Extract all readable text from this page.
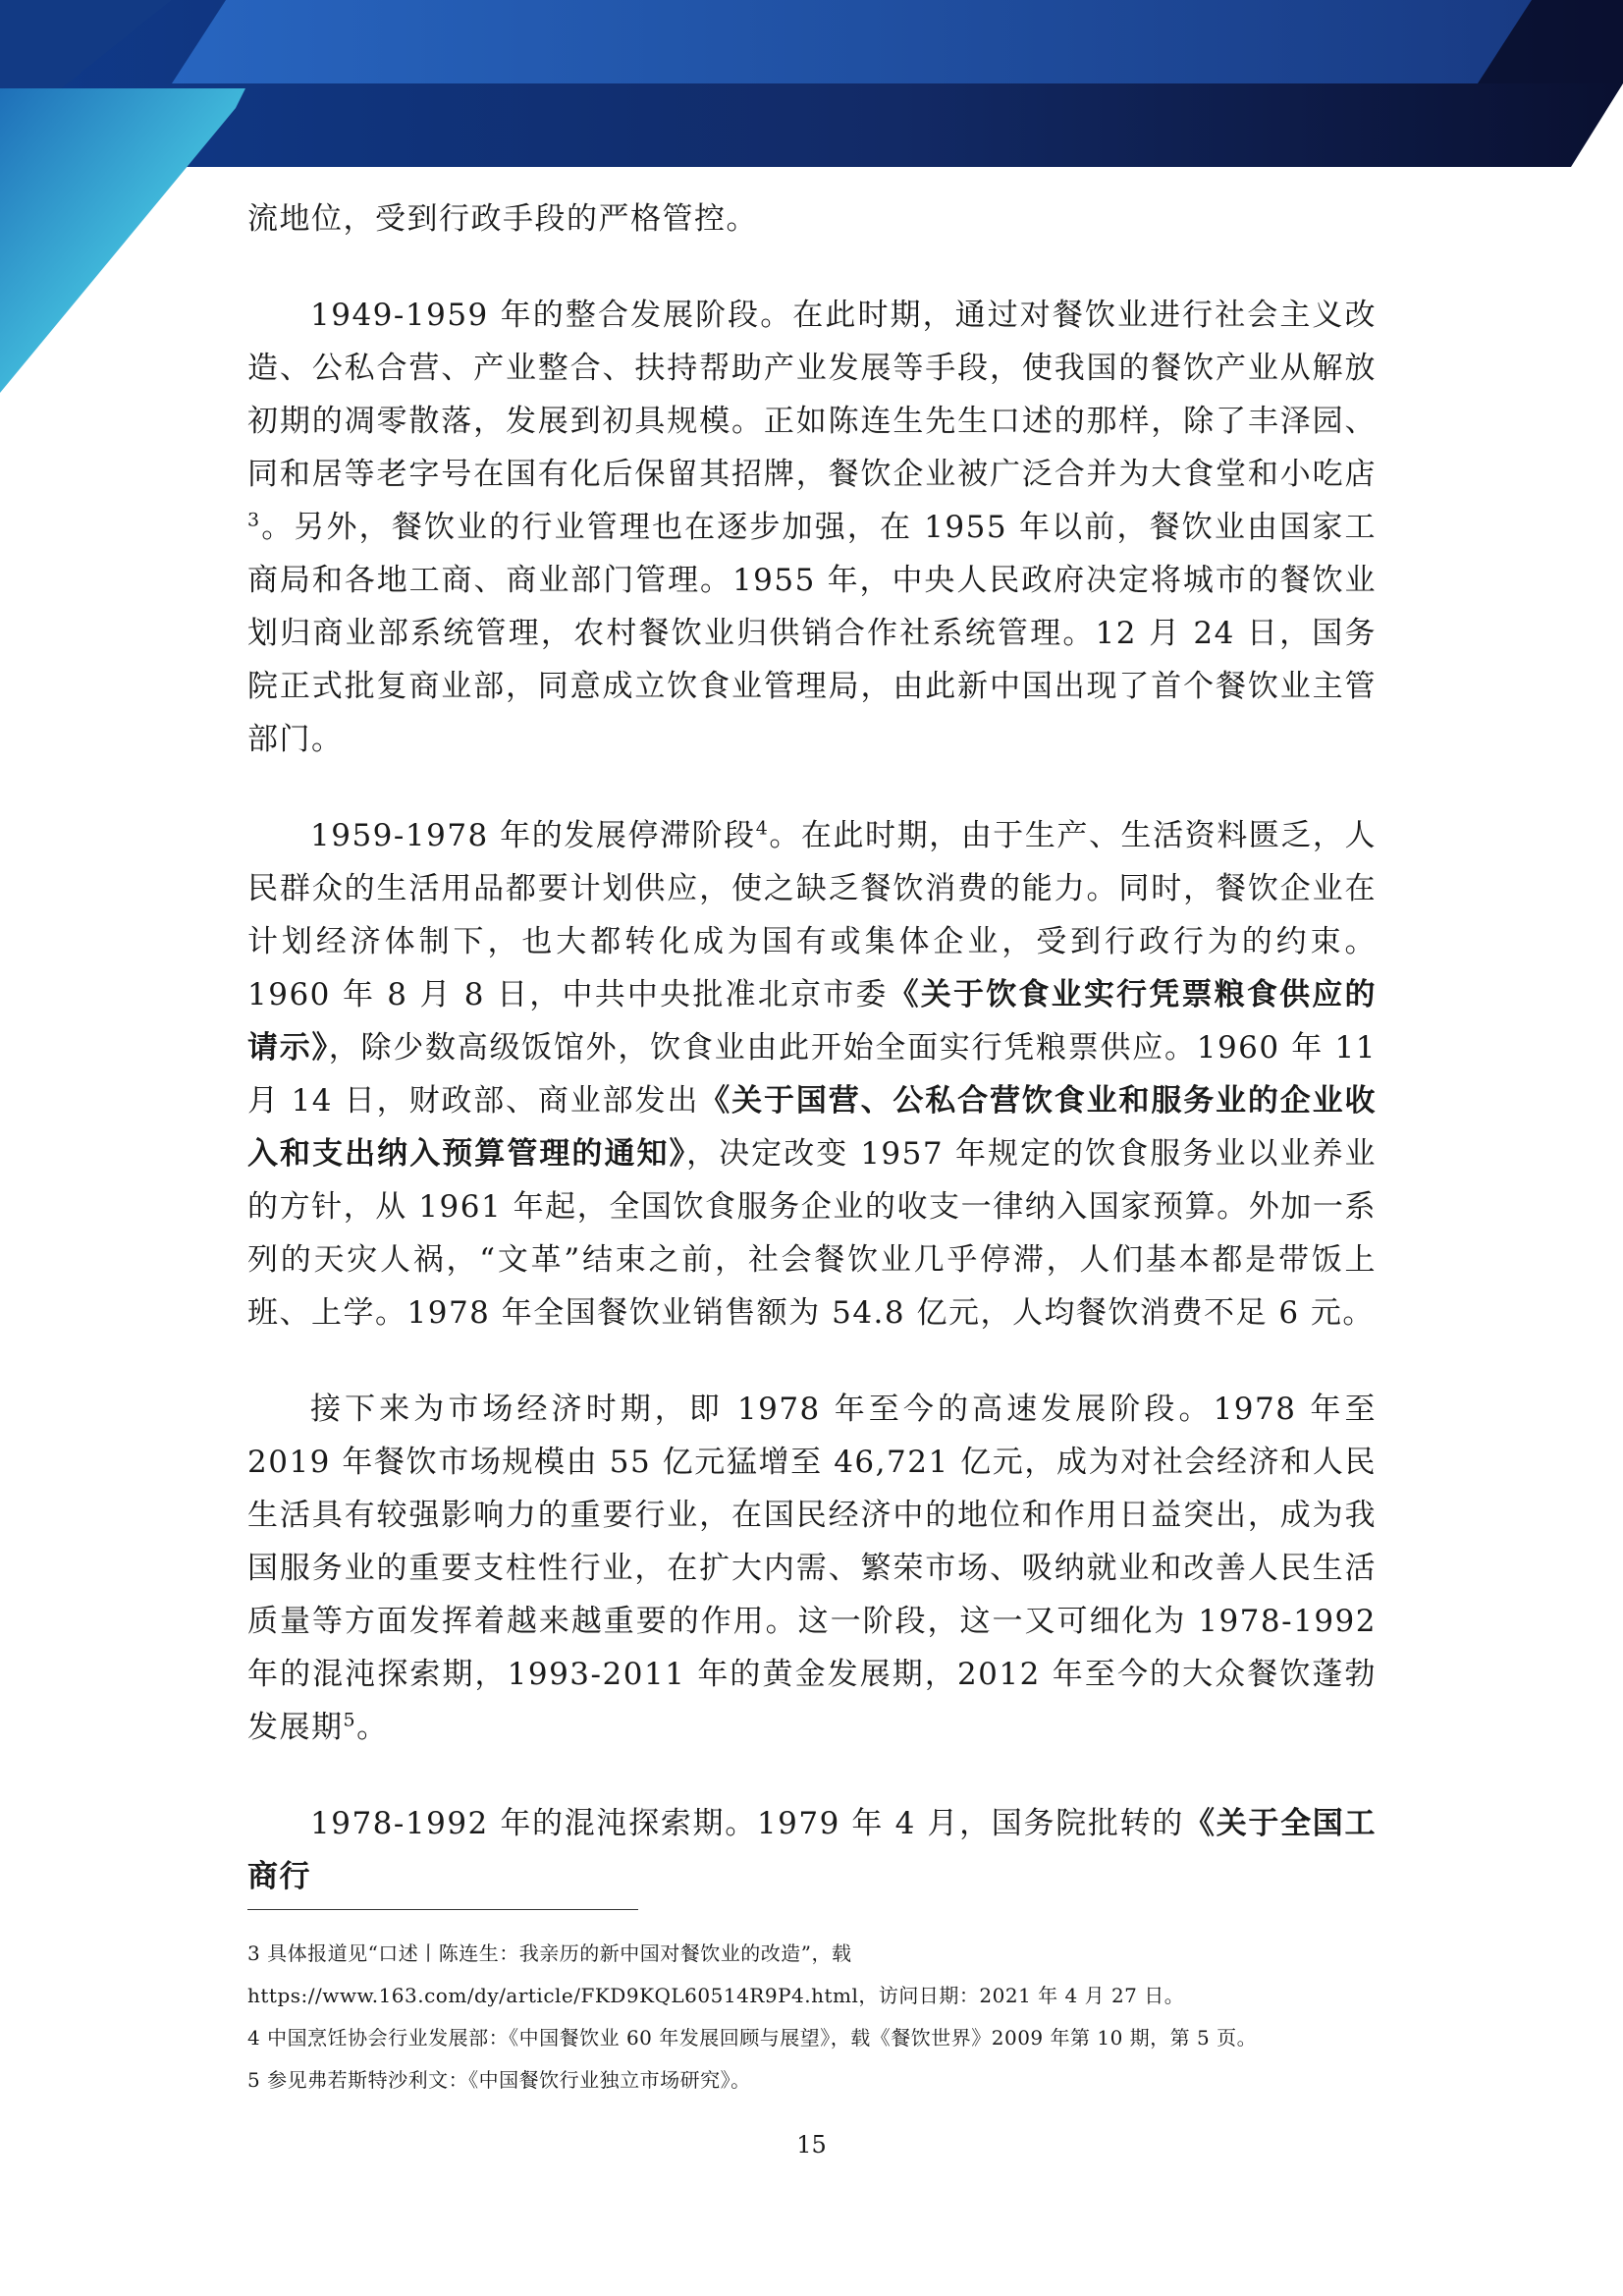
流地位，受到行政手段的严格管控。

1949-1959 年的整合发展阶段。在此时期，通过对餐饮业进行社会主义改造、公私合营、产业整合、扶持帮助产业发展等手段，使我国的餐饮产业从解放初期的凋零散落，发展到初具规模。正如陈连生先生口述的那样，除了丰泽园、同和居等老字号在国有化后保留其招牌，餐饮企业被广泛合并为大食堂和小吃店$^3$。另外，餐饮业的行业管理也在逐步加强，在 1955 年以前，餐饮业由国家工商局和各地工商、商业部门管理。1955 年，中央人民政府决定将城市的餐饮业划归商业部系统管理，农村餐饮业归供销合作社系统管理。12 月 24 日，国务院正式批复商业部，同意成立饮食业管理局，由此新中国出现了首个餐饮业主管部门。

1959-1978 年的发展停滞阶段$^4$。在此时期，由于生产、生活资料匮乏，人民群众的生活用品都要计划供应，使之缺乏餐饮消费的能力。同时，餐饮企业在计划经济体制下，也大都转化成为国有或集体企业，受到行政行为的约束。1960 年 8 月 8 日，中共中央批准北京市委《关于饮食业实行凭票粮食供应的请示》，除少数高级饭馆外，饮食业由此开始全面实行凭粮票供应。1960 年 11 月 14 日，财政部、商业部发出《关于国营、公私合营饮食业和服务业的企业收入和支出纳入预算管理的通知》，决定改变 1957 年规定的饮食服务业以业养业的方针，从 1961 年起，全国饮食服务企业的收支一律纳入国家预算。外加一系列的天灾人祸，“文革”结束之前，社会餐饮业几乎停滞，人们基本都是带饭上班、上学。1978 年全国餐饮业销售额为 54.8 亿元，人均餐饮消费不足 6 元。

接下来为市场经济时期，即 1978 年至今的高速发展阶段。1978 年至 2019 年餐饮市场规模由 55 亿元猛增至 46,721 亿元，成为对社会经济和人民生活具有较强影响力的重要行业，在国民经济中的地位和作用日益突出，成为我国服务业的重要支柱性行业，在扩大内需、繁荣市场、吸纳就业和改善人民生活质量等方面发挥着越来越重要的作用。这一阶段，这一又可细化为 1978-1992 年的混沌探索期，1993-2011 年的黄金发展期，2012 年至今的大众餐饮蓬勃发展期$^5$。

1978-1992 年的混沌探索期。1979 年 4 月，国务院批转的《关于全国工商行

3 具体报道见“口述丨陈连生：我亲历的新中国对餐饮业的改造”，载 https://www.163.com/dy/article/FKD9KQL60514R9P4.html，访问日期：2021 年 4 月 27 日。

4 中国烹饪协会行业发展部：《中国餐饮业 60 年发展回顾与展望》，载《餐饮世界》2009 年第 10 期，第 5 页。

5 参见弗若斯特沙利文：《中国餐饮行业独立市场研究》。

15
